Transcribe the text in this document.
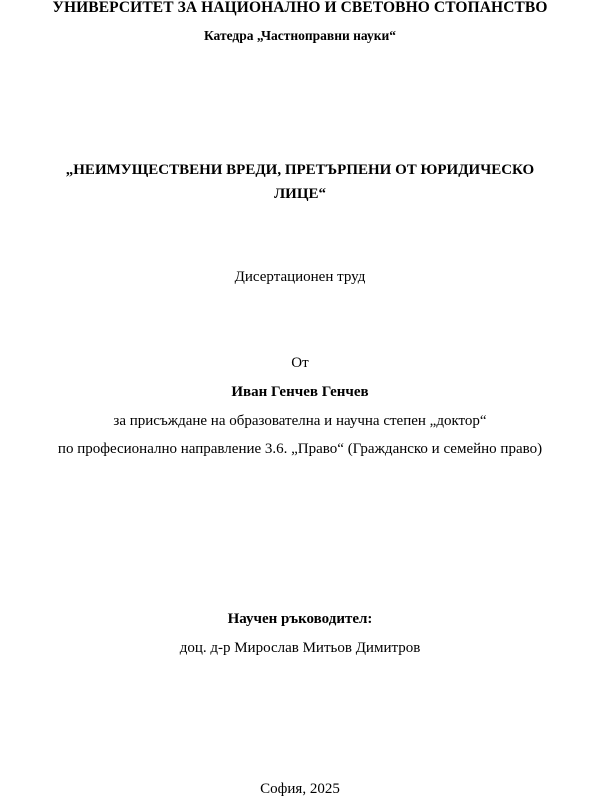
УНИВЕРСИТЕТ ЗА НАЦИОНАЛНО И СВЕТОВНО СТОПАНСТВО
Катедра „Частноправни науки“
„НЕИМУЩЕСТВЕНИ ВРЕДИ, ПРЕТЪРПЕНИ ОТ ЮРИДИЧЕСКО
ЛИЦЕ“
Дисертационен труд
От
Иван Генчев Генчев
за присъждане на образователна и научна степен „доктор“
по професионално направление 3.6. „Право“ (Гражданско и семейно право)
Научен ръководител:
доц. д-р Мирослав Митьов Димитров
София, 2025
